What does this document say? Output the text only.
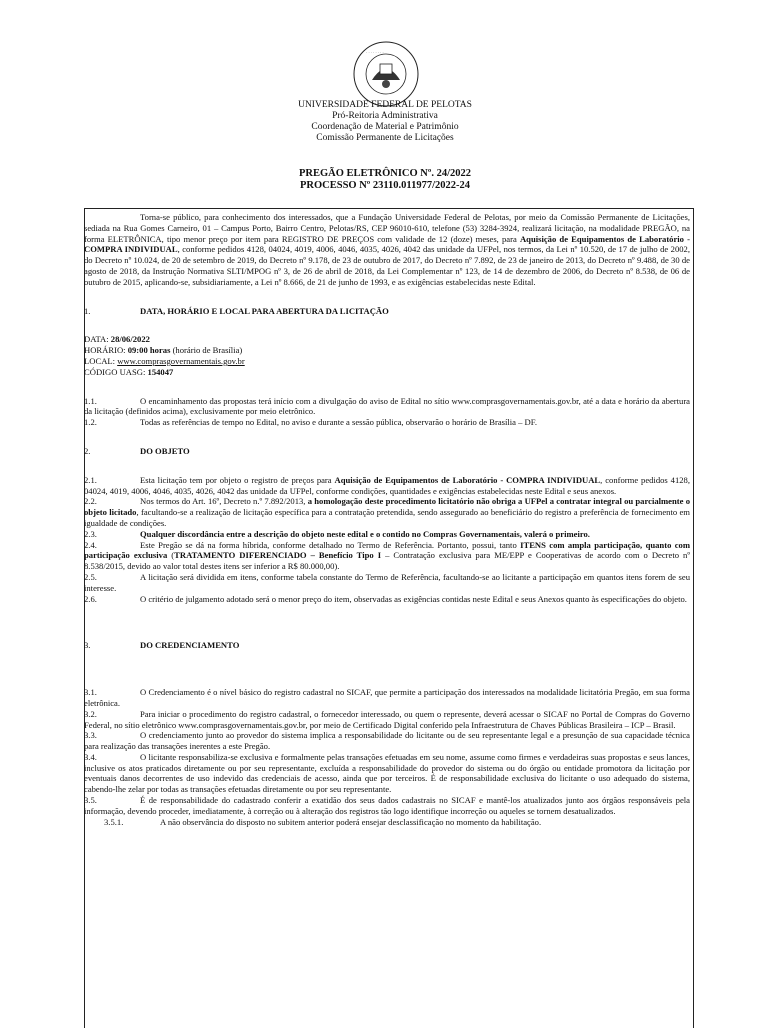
· · · · · · · ·
UNIVERSIDADE FEDERAL DE PELOTAS
Pró-Reitoria Administrativa
Coordenação de Material e Patrimônio
Comissão Permanente de Licitações
PREGÃO ELETRÔNICO Nº. 24/2022
PROCESSO Nº 23110.011977/2022-24

Torna-se público, para conhecimento dos interessados, que a Fundação Universidade Federal de Pelotas, por meio da Comissão Permanente de Licitações, sediada na Rua Gomes Carneiro, 01 – Campus Porto, Bairro Centro, Pelotas/RS, CEP 96010-610, telefone (53) 3284-3924, realizará licitação, na modalidade PREGÃO, na forma ELETRÔNICA, tipo menor preço por item para REGISTRO DE PREÇOS com validade de 12 (doze) meses, para Aquisição de Equipamentos de Laboratório - COMPRA INDIVIDUAL, conforme pedidos 4128, 04024, 4019, 4006, 4046, 4035, 4026, 4042 das unidade da UFPel, nos termos, da Lei nº 10.520, de 17 de julho de 2002, do Decreto nº 10.024, de 20 de setembro de 2019, do Decreto nº 9.178, de 23 de outubro de 2017, do Decreto nº 7.892, de 23 de janeiro de 2013, do Decreto nº 9.488, de 30 de agosto de 2018, da Instrução Normativa SLTI/MPOG nº 3, de 26 de abril de 2018, da Lei Complementar nº 123, de 14 de dezembro de 2006, do Decreto nº 8.538, de 06 de outubro de 2015, aplicando-se, subsidiariamente, a Lei nº 8.666, de 21 de junho de 1993, e as exigências estabelecidas neste Edital.

1.	DATA, HORÁRIO E LOCAL PARA ABERTURA DA LICITAÇÃO

DATA: 28/06/2022

HORÁRIO: 09:00 horas (horário de Brasília)

LOCAL: www.comprasgovernamentais.gov.br

CÓDIGO UASG: 154047

1.1.	O encaminhamento das propostas terá início com a divulgação do aviso de Edital no sítio www.comprasgovernamentais.gov.br, até a data e horário da abertura da licitação (definidos acima), exclusivamente por meio eletrônico.

1.2.	Todas as referências de tempo no Edital, no aviso e durante a sessão pública, observarão o horário de Brasília – DF.

2.	DO OBJETO

2.1.	Esta licitação tem por objeto o registro de preços para Aquisição de Equipamentos de Laboratório - COMPRA INDIVIDUAL, conforme pedidos 4128, 04024, 4019, 4006, 4046, 4035, 4026, 4042 das unidade da UFPel, conforme condições, quantidades e exigências estabelecidas neste Edital e seus anexos.

2.2.	Nos termos do Art. 16º, Decreto n.º 7.892/2013, a homologação deste procedimento licitatório não obriga a UFPel a contratar integral ou parcialmente o objeto licitado, facultando-se a realização de licitação específica para a contratação pretendida, sendo assegurado ao beneficiário do registro a preferência de fornecimento em igualdade de condições.

2.3.	Qualquer discordância entre a descrição do objeto neste edital e o contido no Compras Governamentais, valerá o primeiro.

2.4.	Este Pregão se dá na forma híbrida, conforme detalhado no Termo de Referência. Portanto, possui, tanto ITENS com ampla participação, quanto com participação exclusiva (TRATAMENTO DIFERENCIADO – Benefício Tipo I – Contratação exclusiva para ME/EPP e Cooperativas de acordo com o Decreto nº 8.538/2015, devido ao valor total destes itens ser inferior a R$ 80.000,00).

2.5.	A licitação será dividida em itens, conforme tabela constante do Termo de Referência, facultando-se ao licitante a participação em quantos itens forem de seu interesse.

2.6.	O critério de julgamento adotado será o menor preço do item, observadas as exigências contidas neste Edital e seus Anexos quanto às especificações do objeto.

3.	DO CREDENCIAMENTO

3.1.	O Credenciamento é o nível básico do registro cadastral no SICAF, que permite a participação dos interessados na modalidade licitatória Pregão, em sua forma eletrônica.

3.2.	Para iniciar o procedimento do registro cadastral, o fornecedor interessado, ou quem o represente, deverá acessar o SICAF no Portal de Compras do Governo Federal, no sítio eletrônico www.comprasgovernamentais.gov.br, por meio de Certificado Digital conferido pela Infraestrutura de Chaves Públicas Brasileira – ICP – Brasil.

3.3.	O credenciamento junto ao provedor do sistema implica a responsabilidade do licitante ou de seu representante legal e a presunção de sua capacidade técnica para realização das transações inerentes a este Pregão.

3.4.	O licitante responsabiliza-se exclusiva e formalmente pelas transações efetuadas em seu nome, assume como firmes e verdadeiras suas propostas e seus lances, inclusive os atos praticados diretamente ou por seu representante, excluída a responsabilidade do provedor do sistema ou do órgão ou entidade promotora da licitação por eventuais danos decorrentes de uso indevido das credenciais de acesso, ainda que por terceiros. É de responsabilidade exclusiva do licitante o uso adequado do sistema, cabendo-lhe zelar por todas as transações efetuadas diretamente ou por seu representante.

3.5.	É de responsabilidade do cadastrado conferir a exatidão dos seus dados cadastrais no SICAF e mantê-los atualizados junto aos órgãos responsáveis pela informação, devendo proceder, imediatamente, à correção ou à alteração dos registros tão logo identifique incorreção ou aqueles se tornem desatualizados.

3.5.1.	A não observância do disposto no subitem anterior poderá ensejar desclassificação no momento da habilitação.
